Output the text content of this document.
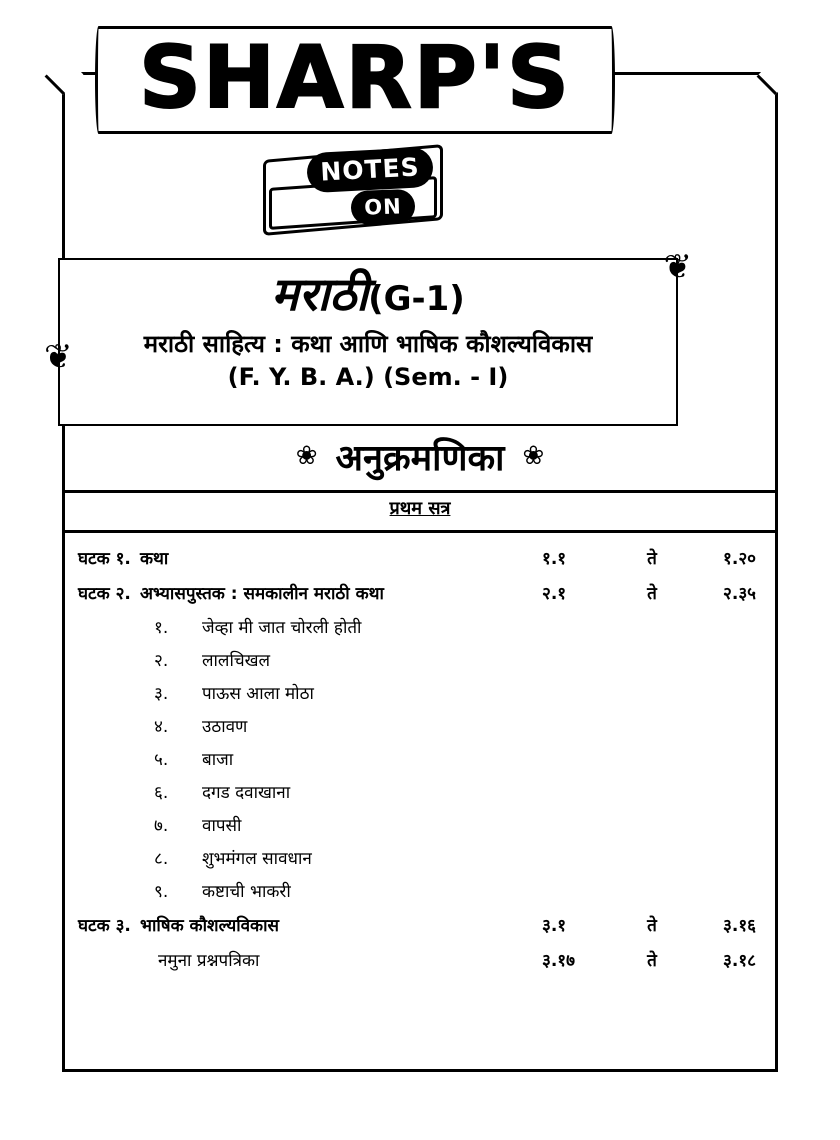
SHARP'S
NOTES
ON
❦
❦
मराठी(G-1)
मराठी साहित्य : कथा आणि भाषिक कौशल्यविकास
(F. Y. B. A.) (Sem. - I)
❀ अनुक्रमणिका ❀
प्रथम सत्र
घटक १. कथा	१.१	ते	१.२०
घटक २. अभ्यासपुस्तक : समकालीन मराठी कथा	२.१	ते	२.३५
१.	जेव्हा मी जात चोरली होती
२.	लालचिखल
३.	पाऊस आला मोठा
४.	उठावण
५.	बाजा
६.	दगड दवाखाना
७.	वापसी
८.	शुभमंगल सावधान
९.	कष्टाची भाकरी
घटक ३. भाषिक कौशल्यविकास	३.१	ते	३.१६
नमुना प्रश्नपत्रिका	३.१७	ते	३.१८
